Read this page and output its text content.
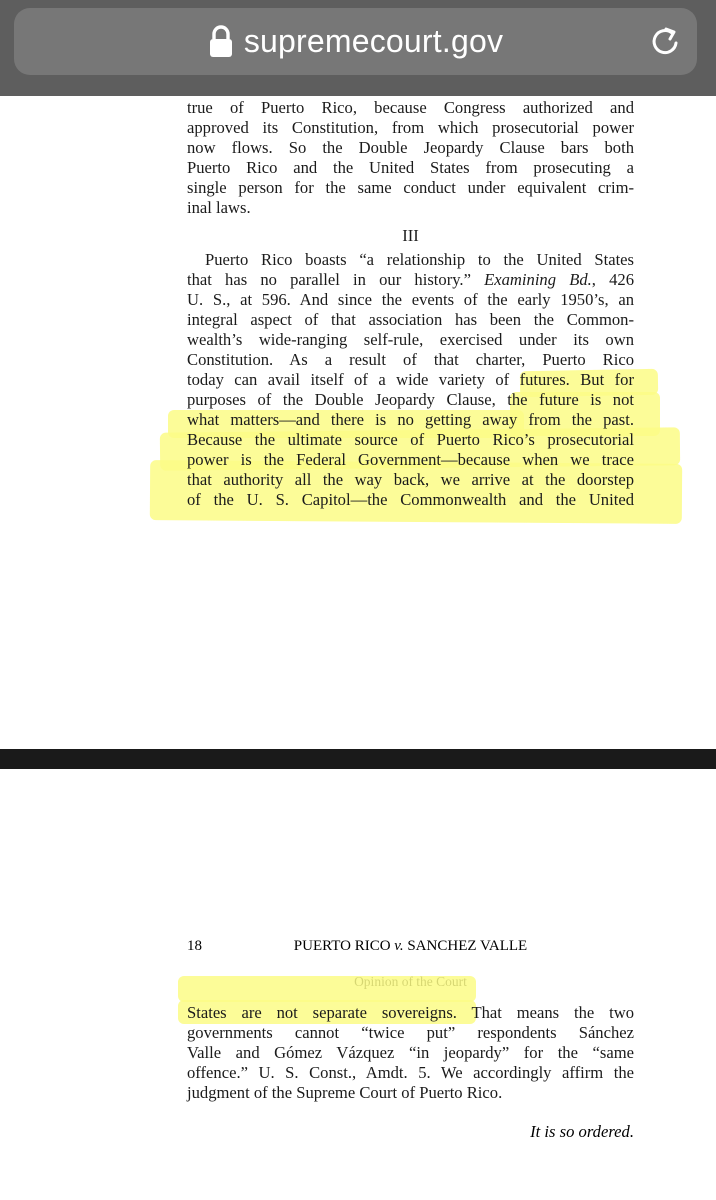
supremecourt.gov
true of Puerto Rico, because Congress authorized and
approved its Constitution, from which prosecutorial power
now flows. So the Double Jeopardy Clause bars both
Puerto Rico and the United States from prosecuting a
single person for the same conduct under equivalent crim-
inal laws.
III
Puerto Rico boasts “a relationship to the United States
that has no parallel in our history.” Examining Bd., 426
U. S., at 596. And since the events of the early 1950’s, an
integral aspect of that association has been the Common-
wealth’s wide-ranging self-rule, exercised under its own
Constitution. As a result of that charter, Puerto Rico
today can avail itself of a wide variety of futures. But for
purposes of the Double Jeopardy Clause, the future is not
what matters—and there is no getting away from the past.
Because the ultimate source of Puerto Rico’s prosecutorial
power is the Federal Government—because when we trace
that authority all the way back, we arrive at the doorstep
of the U. S. Capitol—the Commonwealth and the United
18	PUERTO RICO v. SANCHEZ VALLE
States are not separate sovereigns. That means the two
governments cannot “twice put” respondents Sánchez
Valle and Gómez Vázquez “in jeopardy” for the “same
offence.” U. S. Const., Amdt. 5. We accordingly affirm the
judgment of the Supreme Court of Puerto Rico.
It is so ordered.
